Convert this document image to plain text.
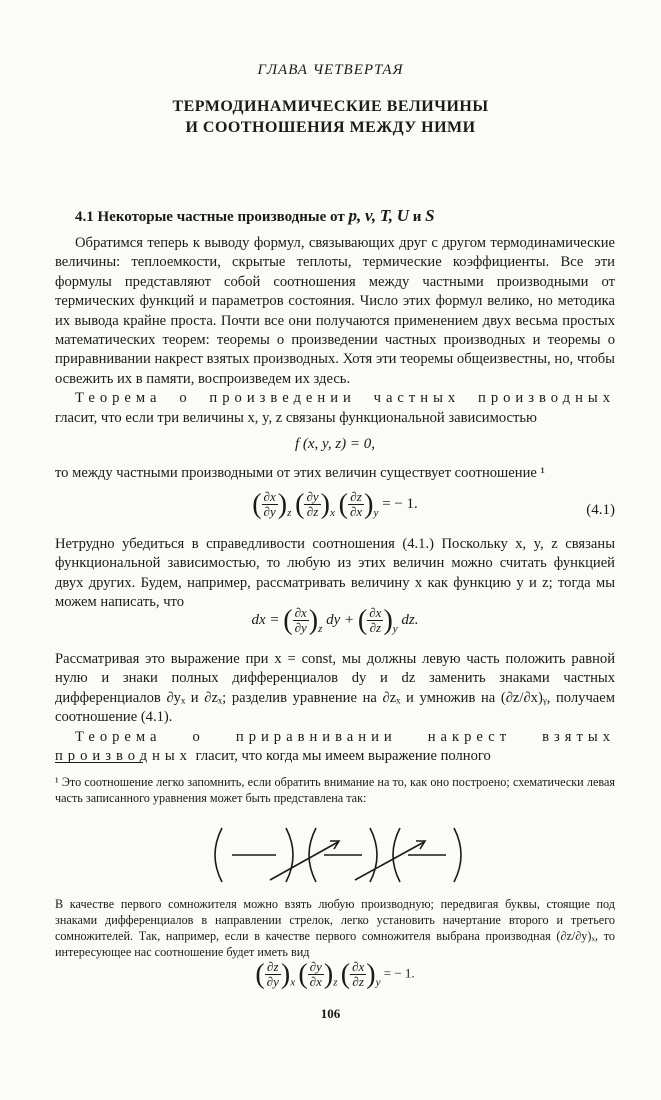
ГЛАВА ЧЕТВЕРТАЯ
ТЕРМОДИНАМИЧЕСКИЕ ВЕЛИЧИНЫ
И СООТНОШЕНИЯ МЕЖДУ НИМИ
4.1 Некоторые частные производные от p, v, T, U и S

Обратимся теперь к выводу формул, связывающих друг с другом термодинамические величины: теплоемкости, скрытые теплоты, термические коэффициенты. Все эти формулы представляют собой соотношения между частными производными от термических функций и параметров состояния. Число этих формул велико, но методика их вывода крайне проста. Почти все они получаются применением двух весьма простых математических теорем: теоремы о произведении частных производных и теоремы о приравнивании накрест взятых производных. Хотя эти теоремы общеизвестны, но, чтобы освежить их в памяти, воспроизведем их здесь.

Теорема о произведении частных производных гласит, что если три величины x, y, z связаны функциональной зависимостью

f (x, y, z) = 0,
то между частными производными от этих величин существует соотношение ¹
( $\frac{\partial x}{\partial y} )_z$ ( $\frac{\partial y}{\partial z} )_x$ ( $\frac{\partial z}{\partial x} )_y$ = − 1.	(4.1)
Нетрудно убедиться в справедливости соотношения (4.1.) Поскольку x, y, z связаны функциональной зависимостью, то любую из этих величин можно считать функцией двух других. Будем, например, рассматривать величину x как функцию y и z; тогда мы можем написать, что
dx = ( $\frac{\partial x}{\partial y} )_z$ dy + ( $\frac{\partial x}{\partial z} )_y$ dz.

Рассматривая это выражение при x = const, мы должны левую часть положить равной нулю и знаки полных дифференциалов dy и dz заменить знаками частных дифференциалов ∂yₓ и ∂zₓ; разделив уравнение на ∂zₓ и умножив на (∂z/∂x)ᵧ, получаем соотношение (4.1).

Теорема о приравнивании накрест взятых производных гласит, что когда мы имеем выражение полного

¹ Это соотношение легко запомнить, если обратить внимание на то, как оно построено; схематически левая часть записанного уравнения может быть представлена так:
В качестве первого сомножителя можно взять любую производную; передвигая буквы, стоящие под знаками дифференциалов в направлении стрелок, легко установить начертание второго и третьего сомножителей. Так, например, если в качестве первого сомножителя выбрана производная (∂z/∂y)ₓ, то интересующее нас соотношение будет иметь вид
( $\frac{\partial z}{\partial y} )_x$ ( $\frac{\partial y}{\partial x} )_z$ ( $\frac{\partial x}{\partial z} )_y$ = − 1.
106
